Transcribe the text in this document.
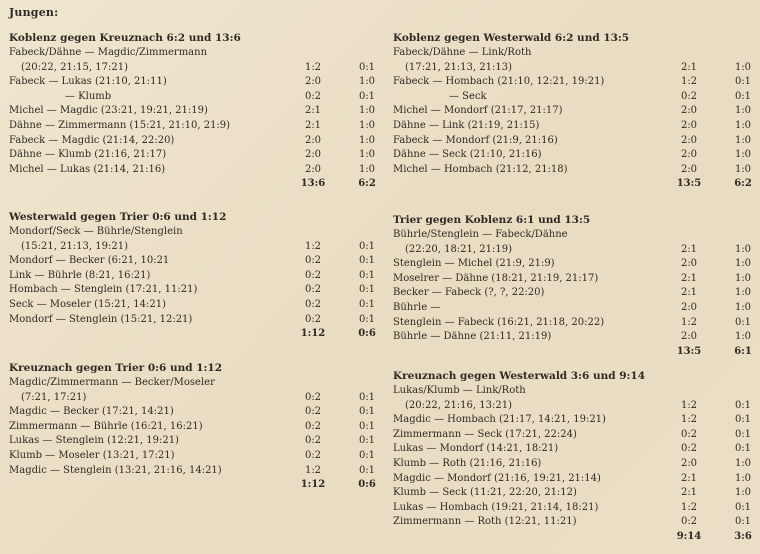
Jungen:
Koblenz gegen Kreuznach 6:2 und 13:6
Fabeck/Dähne — Magdic/Zimmermann
(20:22, 21:15, 17:21)	1:2	0:1
Fabeck — Lukas (21:10, 21:11)	2:0	1:0
— Klumb	0:2	0:1
Michel — Magdic (23:21, 19:21, 21:19)	2:1	1:0
Dähne — Zimmermann (15:21, 21:10, 21:9)	2:1	1:0
Fabeck — Magdic (21:14, 22:20)	2:0	1:0
Dähne — Klumb (21:16, 21:17)	2:0	1:0
Michel — Lukas (21:14, 21:16)	2:0	1:0
13:6	6:2
Westerwald gegen Trier 0:6 und 1:12
Mondorf/Seck — Bührle/Stenglein
(15:21, 21:13, 19:21)	1:2	0:1
Mondorf — Becker (6:21, 10:21	0:2	0:1
Link — Bührle (8:21, 16:21)	0:2	0:1
Hombach — Stenglein (17:21, 11:21)	0:2	0:1
Seck — Moseler (15:21, 14:21)	0:2	0:1
Mondorf — Stenglein (15:21, 12:21)	0:2	0:1
1:12	0:6
Kreuznach gegen Trier 0:6 und 1:12
Magdic/Zimmermann — Becker/Moseler
(7:21, 17:21)	0:2	0:1
Magdic — Becker (17:21, 14:21)	0:2	0:1
Zimmermann — Bührle (16:21, 16:21)	0:2	0:1
Lukas — Stenglein (12:21, 19:21)	0:2	0:1
Klumb — Moseler (13:21, 17:21)	0:2	0:1
Magdic — Stenglein (13:21, 21:16, 14:21)	1:2	0:1
1:12	0:6
Koblenz gegen Westerwald 6:2 und 13:5
Fabeck/Dähne — Link/Roth
(17:21, 21:13, 21:13)	2:1	1:0
Fabeck — Hombach (21:10, 12:21, 19:21)	1:2	0:1
— Seck	0:2	0:1
Michel — Mondorf (21:17, 21:17)	2:0	1:0
Dähne — Link (21:19, 21:15)	2:0	1:0
Fabeck — Mondorf (21:9, 21:16)	2:0	1:0
Dähne — Seck (21:10, 21:16)	2:0	1:0
Michel — Hombach (21:12, 21:18)	2:0	1:0
13:5	6:2
Trier gegen Koblenz 6:1 und 13:5
Bührle/Stenglein — Fabeck/Dähne
(22:20, 18:21, 21:19)	2:1	1:0
Stenglein — Michel (21:9, 21:9)	2:0	1:0
Moselrer — Dähne (18:21, 21:19, 21:17)	2:1	1:0
Becker — Fabeck (?, ?, 22:20)	2:1	1:0
Bührle —	2:0	1:0
Stenglein — Fabeck (16:21, 21:18, 20:22)	1:2	0:1
Bührle — Dähne (21:11, 21:19)	2:0	1:0
13:5	6:1
Kreuznach gegen Westerwald 3:6 und 9:14
Lukas/Klumb — Link/Roth
(20:22, 21:16, 13:21)	1:2	0:1
Magdic — Hombach (21:17, 14:21, 19:21)	1:2	0:1
Zimmermann — Seck (17:21, 22:24)	0:2	0:1
Lukas — Mondorf (14:21, 18:21)	0:2	0:1
Klumb — Roth (21:16, 21:16)	2:0	1:0
Magdic — Mondorf (21:16, 19:21, 21:14)	2:1	1:0
Klumb — Seck (11:21, 22:20, 21:12)	2:1	1:0
Lukas — Hombach (19:21, 21:14, 18:21)	1:2	0:1
Zimmermann — Roth (12:21, 11:21)	0:2	0:1
9:14	3:6
